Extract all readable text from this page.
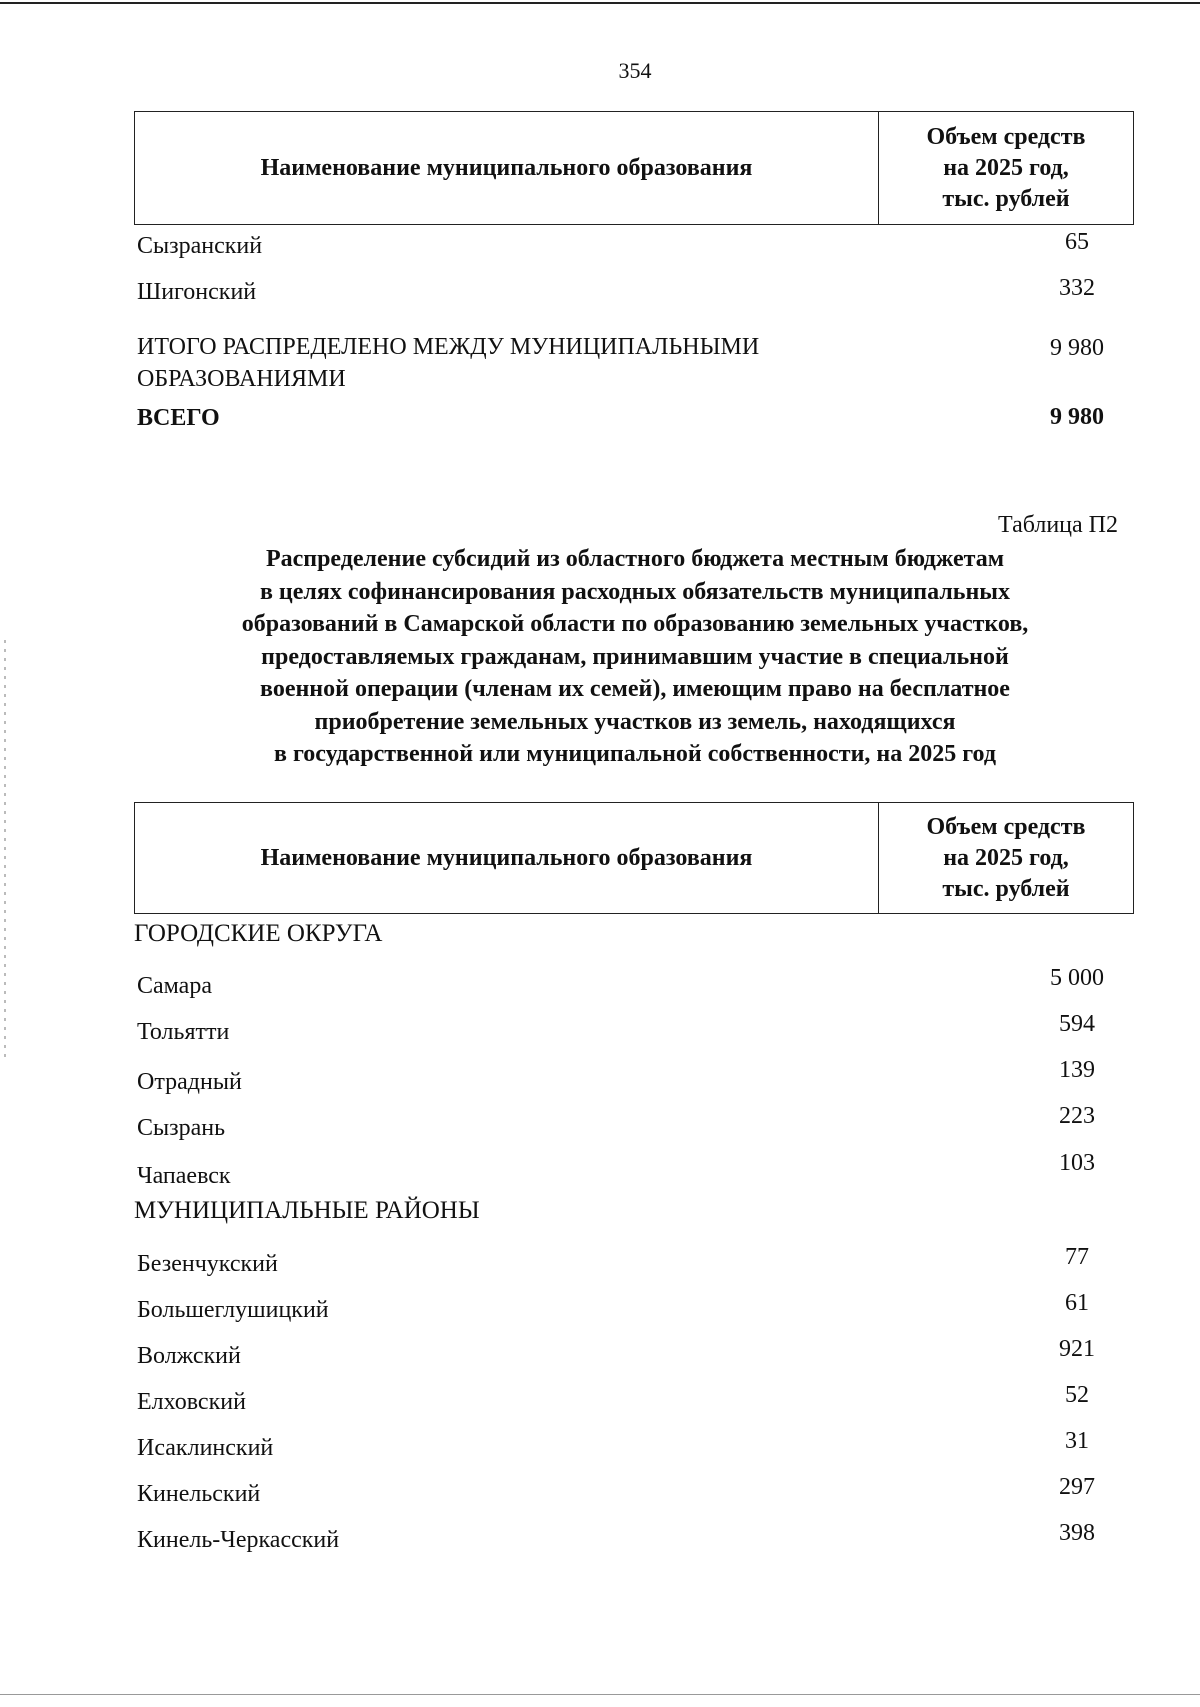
354
Наименование муниципального образования
Объем средств
на 2025 год,
тыс. рублей
Сызранский	65
Шигонский	332
ИТОГО РАСПРЕДЕЛЕНО МЕЖДУ МУНИЦИПАЛЬНЫМИ
ОБРАЗОВАНИЯМИ
9 980
ВСЕГО	9 980
Таблица П2
Распределение субсидий из областного бюджета местным бюджетам
в целях софинансирования расходных обязательств муниципальных
образований в Самарской области по образованию земельных участков,
предоставляемых гражданам, принимавшим участие в специальной
военной операции (членам их семей), имеющим право на бесплатное
приобретение земельных участков из земель, находящихся
в государственной или муниципальной собственности, на 2025 год
Наименование муниципального образования
Объем средств
на 2025 год,
тыс. рублей
ГОРОДСКИЕ ОКРУГА
Самара	5 000
Тольятти	594
Отрадный	139
Сызрань	223
Чапаевск	103
МУНИЦИПАЛЬНЫЕ РАЙОНЫ
Безенчукский	77
Большеглушицкий	61
Волжский	921
Елховский	52
Исаклинский	31
Кинельский	297
Кинель-Черкасский	398
